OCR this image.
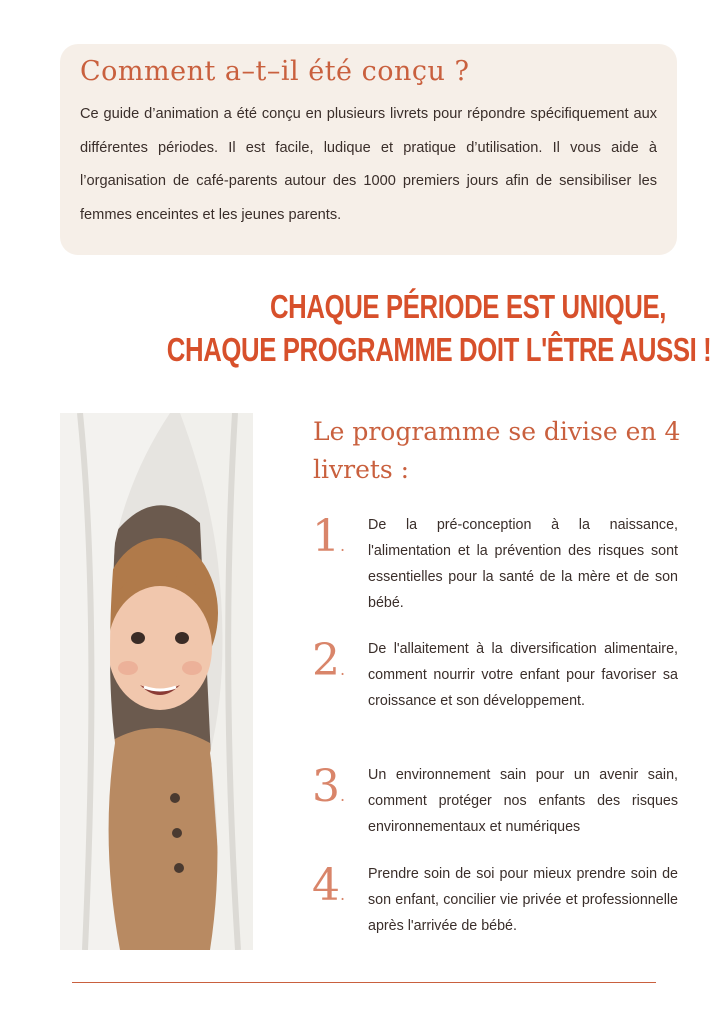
Comment a–t–il été conçu ?

Ce guide d’animation a été conçu en plusieurs livrets pour répondre spécifiquement aux différentes périodes. Il est facile, ludique et pratique d’utilisation. Il vous aide à l’organisation de café-parents autour des 1000 premiers jours afin de sensibiliser les femmes enceintes et les jeunes parents.

CHAQUE PÉRIODE EST UNIQUE,
CHAQUE PROGRAMME DOIT L'ÊTRE AUSSI !
Le programme se divise en 4 livrets :
1.

De la pré-conception à la naissance, l'alimentation et la prévention des risques sont essentielles pour la santé de la mère et de son bébé.

2.

De l'allaitement à la diversification alimentaire, comment nourrir votre enfant pour favoriser sa croissance et son développement.

3.

Un environnement sain pour un avenir sain, comment protéger nos enfants des risques environnementaux et numériques

4.

Prendre soin de soi pour mieux prendre soin de son enfant, concilier vie privée et professionnelle après l'arrivée de bébé.
